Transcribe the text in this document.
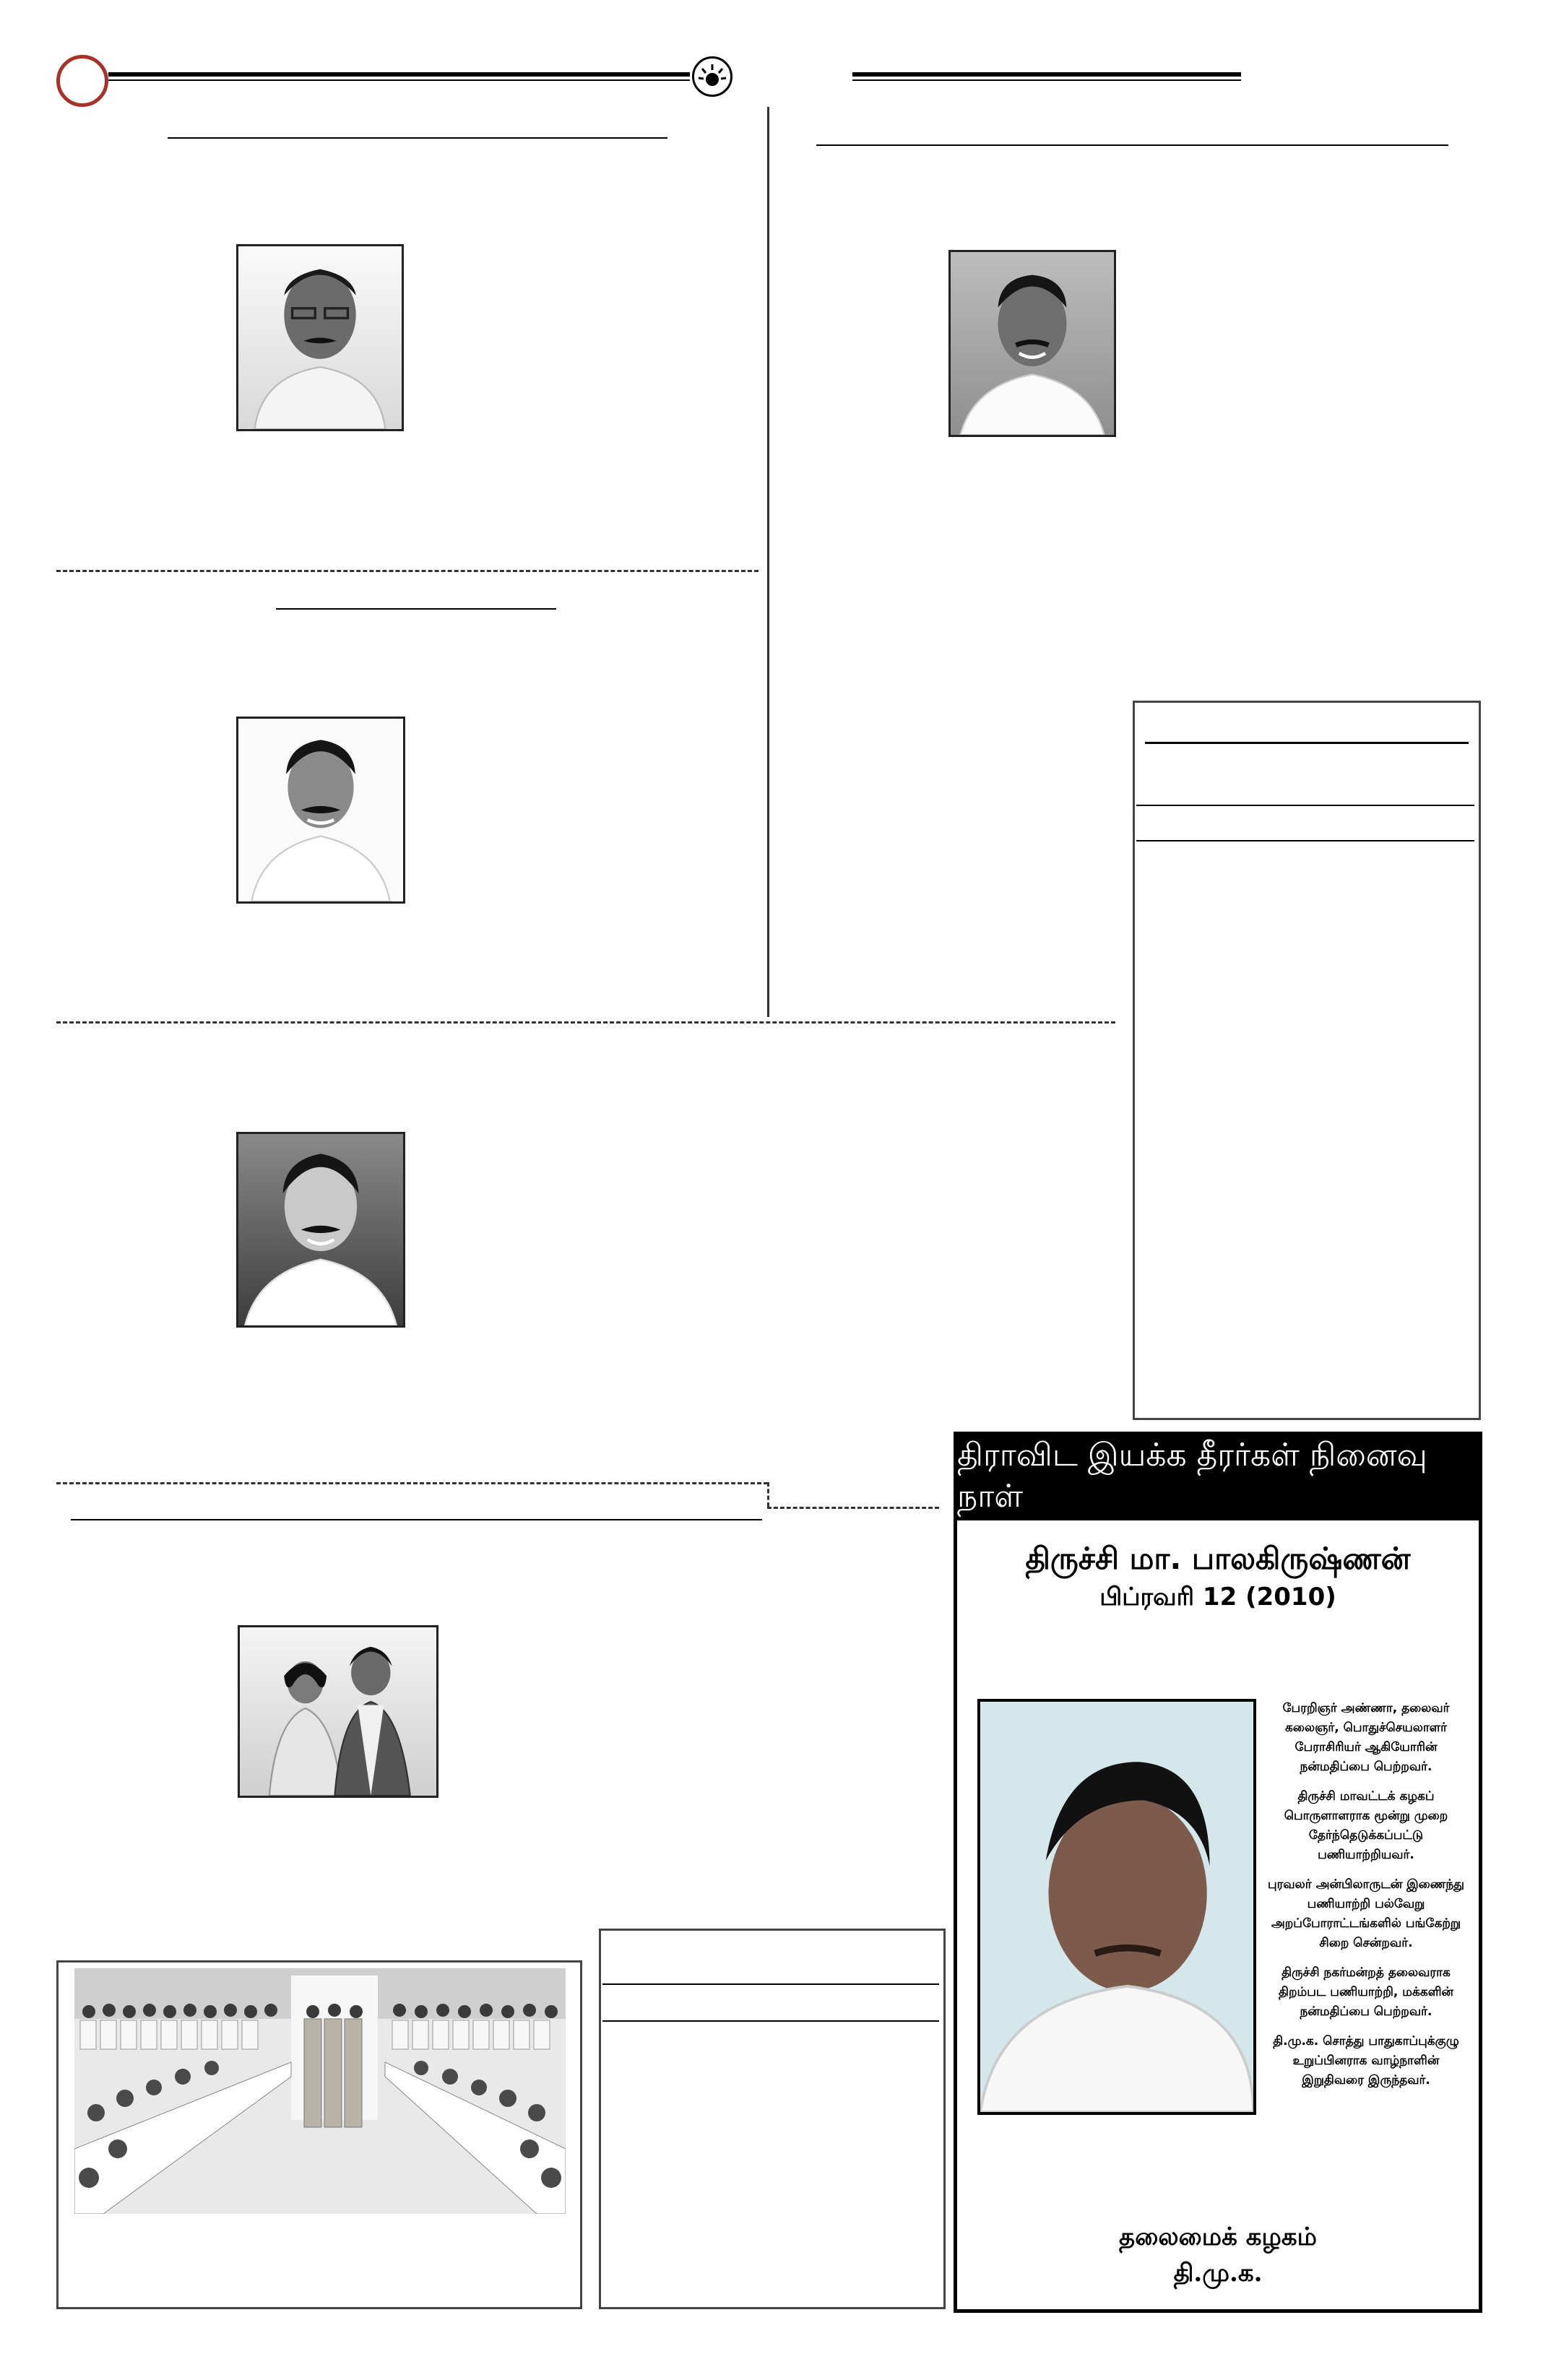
திராவிட இயக்க தீரர்கள் நினைவு நாள்
திருச்சி மா. பாலகிருஷ்ணன்
பிப்ரவரி 12 (2010)

பேரறிஞர் அண்ணா, தலைவர் கலைஞர், பொதுச்செயலாளர் பேராசிரியர் ஆகியோரின் நன்மதிப்பை பெற்றவர்.

திருச்சி மாவட்டக் கழகப் பொருளாளராக மூன்று முறை தேர்ந்தெடுக்கப்பட்டு பணியாற்றியவர்.

புரவலர் அன்பிலாருடன் இணைந்து பணியாற்றி பல்வேறு அறப்போராட்டங்களில் பங்கேற்று சிறை சென்றவர்.

திருச்சி நகர்மன்றத் தலைவராக திறம்பட பணியாற்றி, மக்களின் நன்மதிப்பை பெற்றவர்.

தி.மு.க. சொத்து பாதுகாப்புக்குழு உறுப்பினராக வாழ்நாளின் இறுதிவரை இருந்தவர்.

தலைமைக் கழகம்
தி.மு.க.
